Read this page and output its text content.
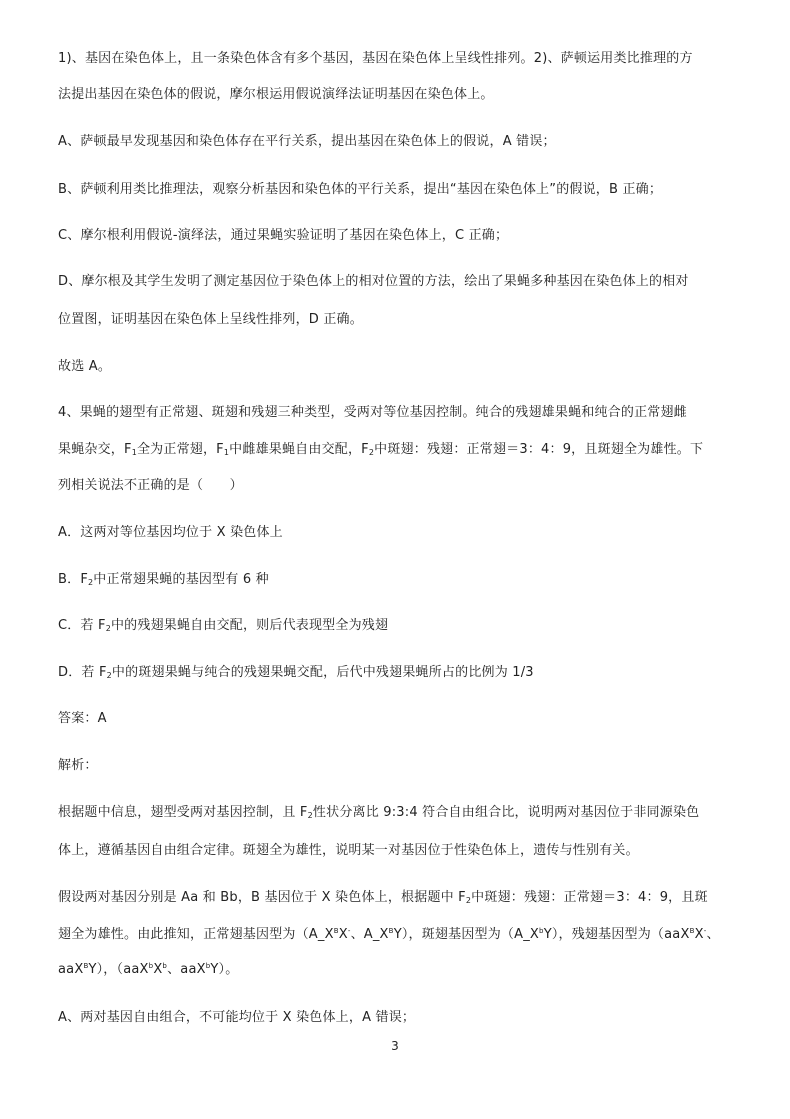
1)、基因在染色体上，且一条染色体含有多个基因，基因在染色体上呈线性排列。2)、萨顿运用类比推理的方
法提出基因在染色体的假说，摩尔根运用假说演绎法证明基因在染色体上。
A、萨顿最早发现基因和染色体存在平行关系，提出基因在染色体上的假说，A 错误；
B、萨顿利用类比推理法，观察分析基因和染色体的平行关系，提出“基因在染色体上”的假说，B 正确；
C、摩尔根利用假说-演绎法，通过果蝇实验证明了基因在染色体上，C 正确；
D、摩尔根及其学生发明了测定基因位于染色体上的相对位置的方法，绘出了果蝇多种基因在染色体上的相对
位置图，证明基因在染色体上呈线性排列，D 正确。
故选 A。
4、果蝇的翅型有正常翅、斑翅和残翅三种类型，受两对等位基因控制。纯合的残翅雄果蝇和纯合的正常翅雌
果蝇杂交，$F_1$全为正常翅，$F_1$中雌雄果蝇自由交配，$F_2$中斑翅：残翅：正常翅＝3：4：9，且斑翅全为雄性。下
列相关说法不正确的是（　　）
A．这两对等位基因均位于 X 染色体上
B．$F_2$中正常翅果蝇的基因型有 6 种
C．若 $F_2$中的残翅果蝇自由交配，则后代表现型全为残翅
D．若 $F_2$中的斑翅果蝇与纯合的残翅果蝇交配，后代中残翅果蝇所占的比例为 1/3
答案：A
解析：
根据题中信息，翅型受两对基因控制，且 $F_2$性状分离比 9:3:4 符合自由组合比，说明两对基因位于非同源染色
体上，遵循基因自由组合定律。斑翅全为雄性，说明某一对基因位于性染色体上，遗传与性别有关。
假设两对基因分别是 Aa 和 Bb，B 基因位于 X 染色体上，根据题中 $F_2$中斑翅：残翅：正常翅＝3：4：9，且斑
翅全为雄性。由此推知，正常翅基因型为（$A\_X^BX^-$、$A\_X^BY$），斑翅基因型为$(A\_X^bY)$，残翅基因型为（aaX$^B$X-、
aaX$^B$Y），（$aaX^bX^b$、aaX$^b$Y）。
A、两对基因自由组合，不可能均位于 X 染色体上，A 错误；
3
